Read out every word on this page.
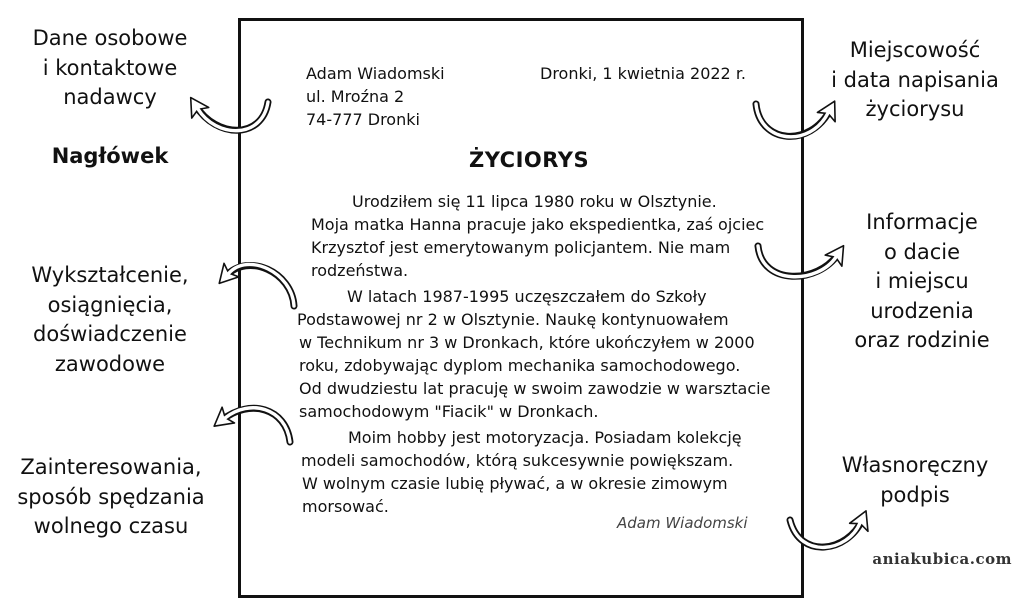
Adam Wiadomski
ul. Mroźna 2
74-777 Dronki
Dronki, 1 kwietnia 2022 r.
ŻYCIORYS
Urodziłem się 11 lipca 1980 roku w Olsztynie.
Moja matka Hanna pracuje jako ekspedientka, zaś ojciec
Krzysztof jest emerytowanym policjantem. Nie mam
rodzeństwa.
W latach 1987-1995 uczęszczałem do Szkoły
Podstawowej nr 2 w Olsztynie. Naukę kontynuowałem
w Technikum nr 3 w Dronkach, które ukończyłem w 2000
roku, zdobywając dyplom mechanika samochodowego.
Od dwudziestu lat pracuję w swoim zawodzie w warsztacie
samochodowym "Fiacik" w Dronkach.
Moim hobby jest motoryzacja. Posiadam kolekcję
modeli samochodów, którą sukcesywnie powiększam.
W wolnym czasie lubię pływać, a w okresie zimowym
morsować.
Adam Wiadomski
Dane osobowe
i kontaktowe
nadawcy
Nagłówek
Wykształcenie,
osiągnięcia,
doświadczenie
zawodowe
Zainteresowania,
sposób spędzania
wolnego czasu
Miejscowość
i data napisania
życiorysu
Informacje
o dacie
i miejscu
urodzenia
oraz rodzinie
Własnoręczny
podpis
aniakubica.com
